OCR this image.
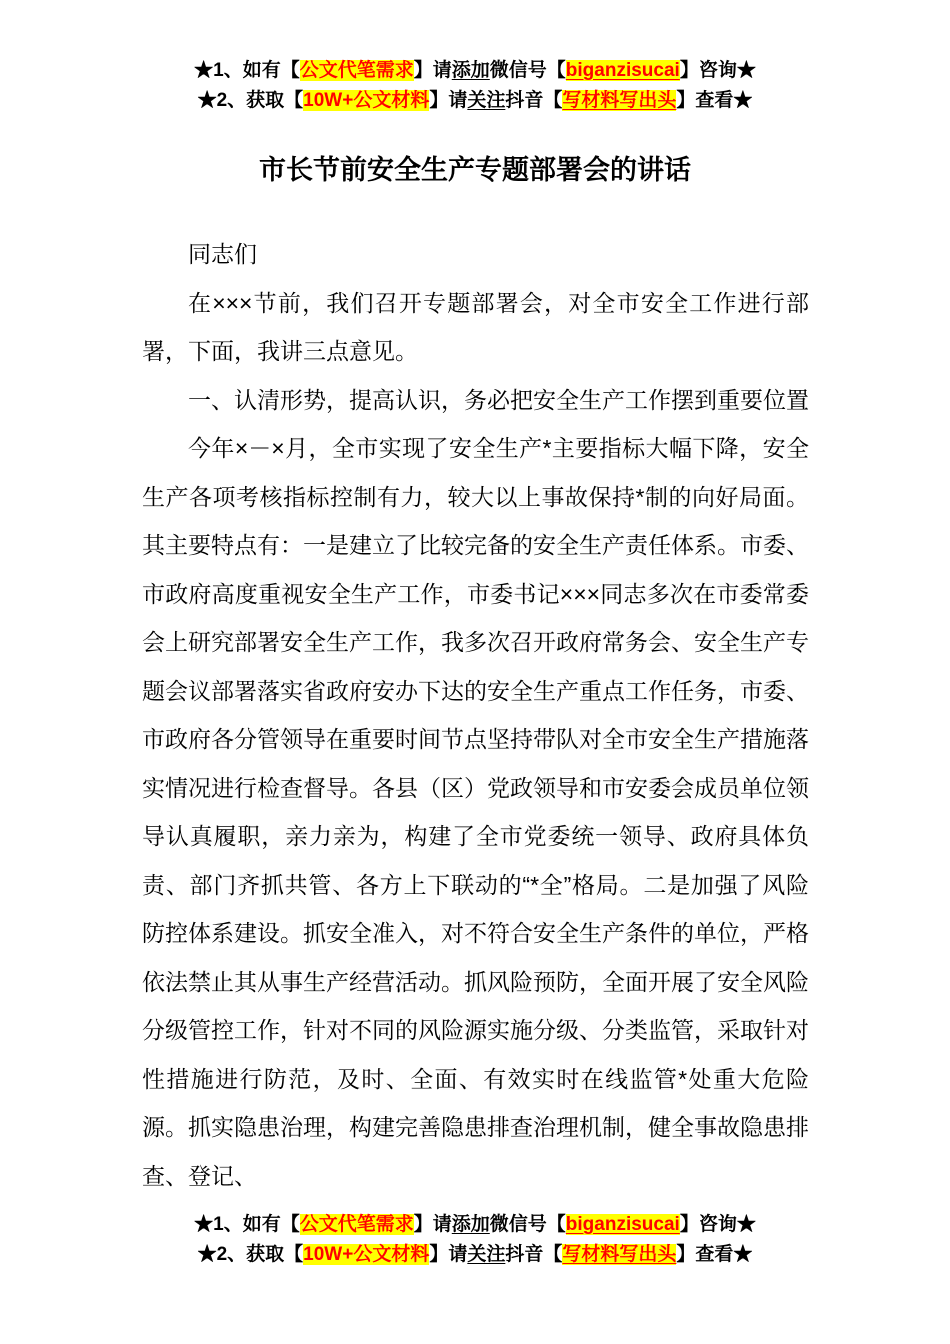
★1、如有【公文代笔需求】请添加微信号【biganzisucai】咨询★
★2、获取【10W+公文材料】请关注抖音【写材料写出头】查看★
市长节前安全生产专题部署会的讲话

同志们

在×××节前，我们召开专题部署会，对全市安全工作进行部署，下面，我讲三点意见。

一、认清形势，提高认识，务必把安全生产工作摆到重要位置

今年×－×月，全市实现了安全生产*主要指标大幅下降，安全生产各项考核指标控制有力，较大以上事故保持*制的向好局面。其主要特点有：一是建立了比较完备的安全生产责任体系。市委、市政府高度重视安全生产工作，市委书记×××同志多次在市委常委会上研究部署安全生产工作，我多次召开政府常务会、安全生产专题会议部署落实省政府安办下达的安全生产重点工作任务，市委、市政府各分管领导在重要时间节点坚持带队对全市安全生产措施落实情况进行检查督导。各县（区）党政领导和市安委会成员单位领导认真履职，亲力亲为，构建了全市党委统一领导、政府具体负责、部门齐抓共管、各方上下联动的“*全”格局。二是加强了风险防控体系建设。抓安全准入，对不符合安全生产条件的单位，严格依法禁止其从事生产经营活动。抓风险预防，全面开展了安全风险分级管控工作，针对不同的风险源实施分级、分类监管，采取针对性措施进行防范，及时、全面、有效实时在线监管*处重大危险源。抓实隐患治理，构建完善隐患排查治理机制，健全事故隐患排查、登记、

★1、如有【公文代笔需求】请添加微信号【biganzisucai】咨询★
★2、获取【10W+公文材料】请关注抖音【写材料写出头】查看★
